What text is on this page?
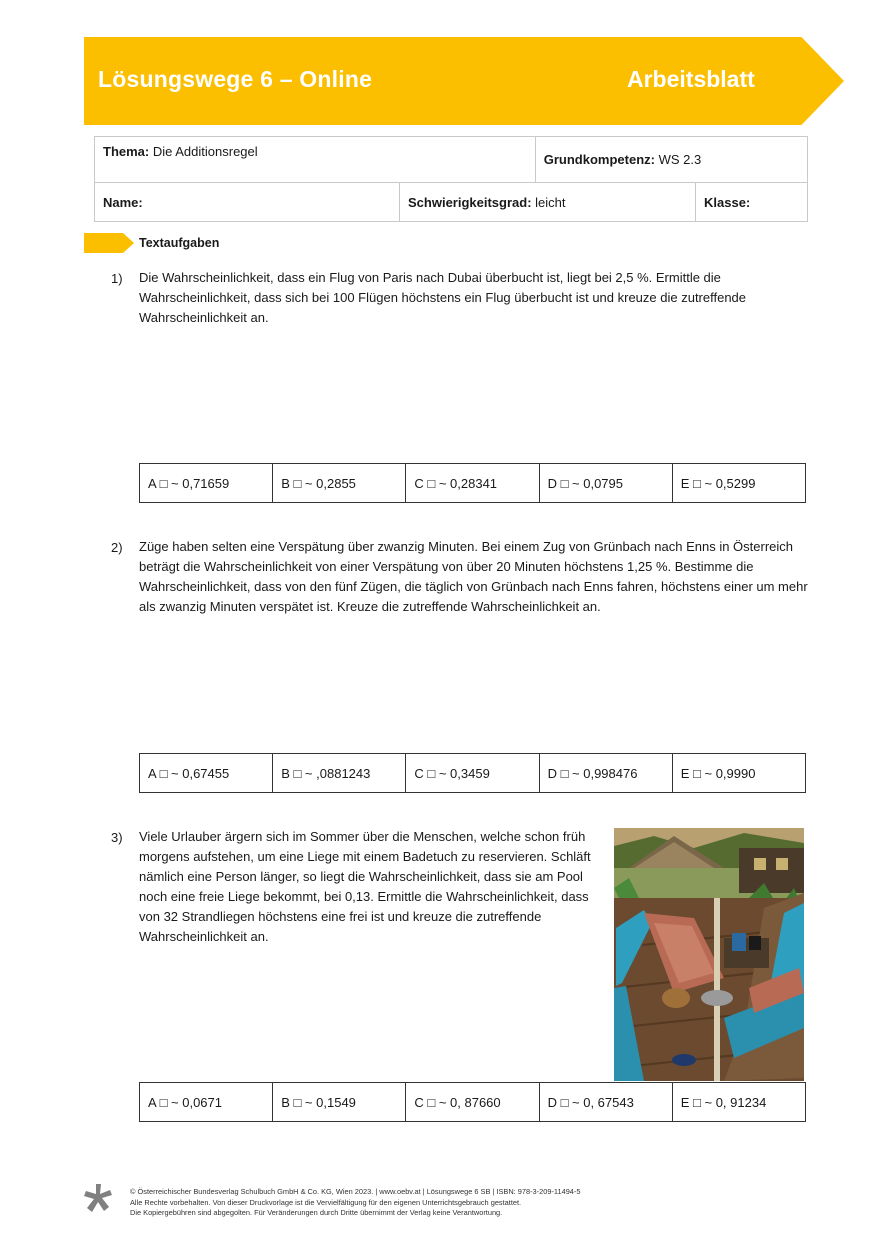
Lösungswege 6 – Online	Arbeitsblatt
Thema: Die Additionsregel		Grundkompetenz: WS 2.3	
Name:	Schwierigkeitsgrad: leicht		Klasse:
Textaufgaben
1) Die Wahrscheinlichkeit, dass ein Flug von Paris nach Dubai überbucht ist, liegt bei 2,5 %. Ermittle die
Wahrscheinlichkeit, dass sich bei 100 Flügen höchstens ein Flug überbucht ist und kreuze die zutreffende
Wahrscheinlichkeit an.
A □ ~ 0,71659	B □ ~ 0,2855	C □ ~ 0,28341	D □ ~ 0,0795	E □ ~ 0,5299
2) Züge haben selten eine Verspätung über zwanzig Minuten. Bei einem Zug von Grünbach nach Enns in Österreich
beträgt die Wahrscheinlichkeit von einer Verspätung von über 20 Minuten höchstens 1,25 %. Bestimme die
Wahrscheinlichkeit, dass von den fünf Zügen, die täglich von Grünbach nach Enns fahren, höchstens einer um mehr
als zwanzig Minuten verspätet ist. Kreuze die zutreffende Wahrscheinlichkeit an.
A □ ~ 0,67455	B □ ~ ,0881243	C □ ~ 0,3459	D □ ~ 0,998476	E □ ~ 0,9990
3) Viele Urlauber ärgern sich im Sommer über die Menschen, welche schon früh
morgens aufstehen, um eine Liege mit einem Badetuch zu reservieren. Schläft
nämlich eine Person länger, so liegt die Wahrscheinlichkeit, dass sie am Pool
noch eine freie Liege bekommt, bei 0,13. Ermittle die Wahrscheinlichkeit, dass
von 32 Strandliegen höchstens eine frei ist und kreuze die zutreffende
Wahrscheinlichkeit an.
A □ ~ 0,0671	B □ ~ 0,1549	C □ ~ 0, 87660	D □ ~ 0, 67543	E □ ~ 0, 91234
© Österreichischer Bundesverlag Schulbuch GmbH & Co. KG, Wien 2023. | www.oebv.at | Lösungswege 6 SB | ISBN: 978-3-209-11494-5
Alle Rechte vorbehalten. Von dieser Druckvorlage ist die Vervielfältigung für den eigenen Unterrichtsgebrauch gestattet.
Die Kopiergebühren sind abgegolten. Für Veränderungen durch Dritte übernimmt der Verlag keine Verantwortung.
